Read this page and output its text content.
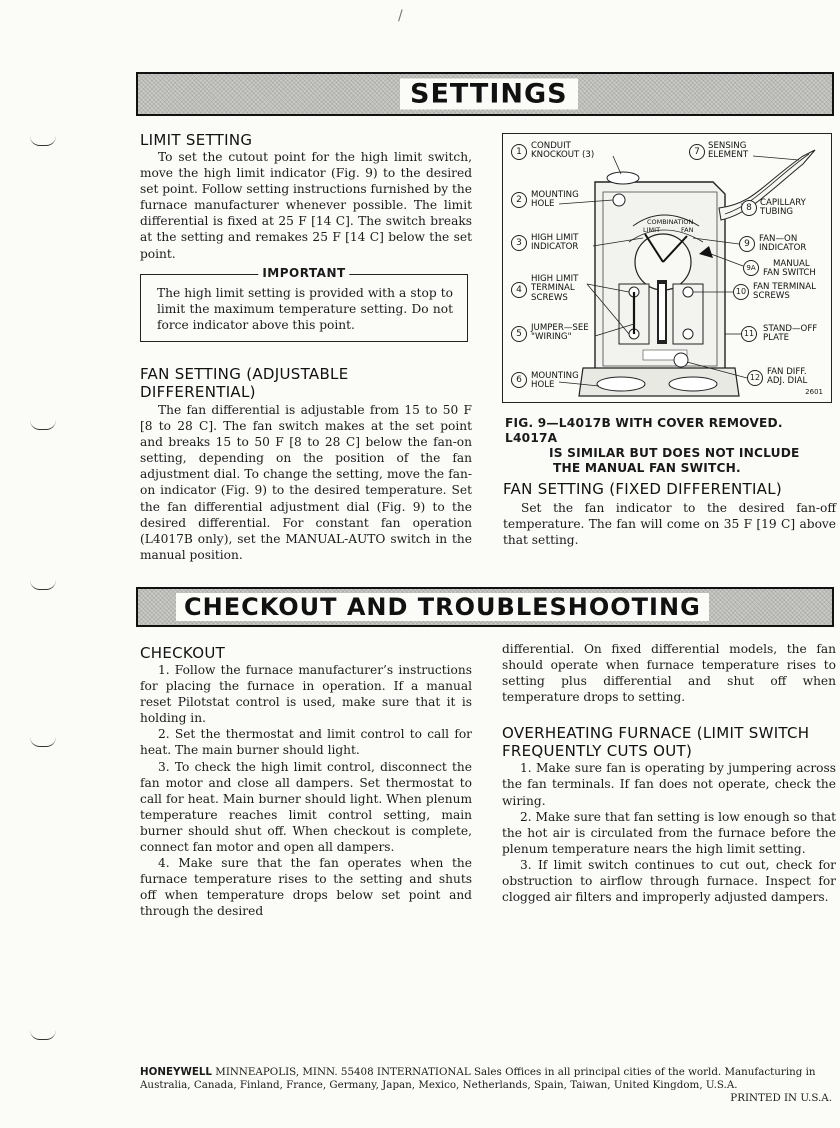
/
SETTINGS
LIMIT SETTING

To set the cutout point for the high limit switch, move the high limit indicator (Fig. 9) to the desired set point. Follow setting instructions furnished by the furnace manufacturer whenever possible. The limit differential is fixed at 25 F [14 C]. The switch breaks at the setting and remakes 25 F [14 C] below the set point.

IMPORTANT

The high limit setting is provided with a stop to limit the maximum temperature setting. Do not force indicator above this point.

FAN SETTING (ADJUSTABLE
DIFFERENTIAL)

The fan differential is adjustable from 15 to 50 F [8 to 28 C]. The fan switch makes at the set point and breaks 15 to 50 F [8 to 28 C] below the fan-on setting, depending on the position of the fan adjustment dial. To change the setting, move the fan-on indicator (Fig. 9) to the desired temperature. Set the fan differential adjustment dial (Fig. 9) to the desired differential. For constant fan operation (L4017B only), set the MANUAL-AUTO switch in the manual position.

COMBINATION
LIMIT	FAN
1
CONDUIT
KNOCKOUT (3)
2	MOUNTING
HOLE
3	HIGH LIMIT
INDICATOR
4
HIGH LIMIT
TERMINAL
SCREWS
5
JUMPER—SEE
"WIRING"
6	MOUNTING
HOLE
7
SENSING
ELEMENT
8 CAPILLARY
TUBING
9	FAN—ON
INDICATOR
9A	MANUAL
FAN SWITCH
10 FAN TERMINAL
SCREWS
11	STAND—OFF
PLATE
12
FAN DIFF.
ADJ. DIAL
2601
FIG. 9—L4017B WITH COVER REMOVED. L4017A
IS SIMILAR BUT DOES NOT INCLUDE
THE MANUAL FAN SWITCH.
FAN SETTING (FIXED DIFFERENTIAL)

Set the fan indicator to the desired fan-off temperature. The fan will come on 35 F [19 C] above that setting.

CHECKOUT AND TROUBLESHOOTING
CHECKOUT

1. Follow the furnace manufacturer’s instructions for placing the furnace in operation. If a manual reset Pilotstat control is used, make sure that it is holding in.

2. Set the thermostat and limit control to call for heat. The main burner should light.

3. To check the high limit control, disconnect the fan motor and close all dampers. Set thermostat to call for heat. Main burner should light. When plenum temperature reaches limit control setting, main burner should shut off. When checkout is complete, connect fan motor and open all dampers.

4. Make sure that the fan operates when the furnace temperature rises to the setting and shuts off when temperature drops below set point and through the desired

differential. On fixed differential models, the fan should operate when furnace temperature rises to setting plus differential and shut off when temperature drops to setting.

OVERHEATING FURNACE (LIMIT SWITCH
FREQUENTLY CUTS OUT)

1. Make sure fan is operating by jumpering across the fan terminals. If fan does not operate, check the wiring.

2. Make sure that fan setting is low enough so that the hot air is circulated from the furnace before the plenum temperature nears the high limit setting.

3. If limit switch continues to cut out, check for obstruction to airflow through furnace. Inspect for clogged air filters and improperly adjusted dampers.

HONEYWELL MINNEAPOLIS, MINN. 55408 INTERNATIONAL Sales Offices in all principal cities of the world. Manufacturing in Australia, Canada, Finland, France, Germany, Japan, Mexico, Netherlands, Spain, Taiwan, United Kingdom, U.S.A.
PRINTED IN U.S.A.
